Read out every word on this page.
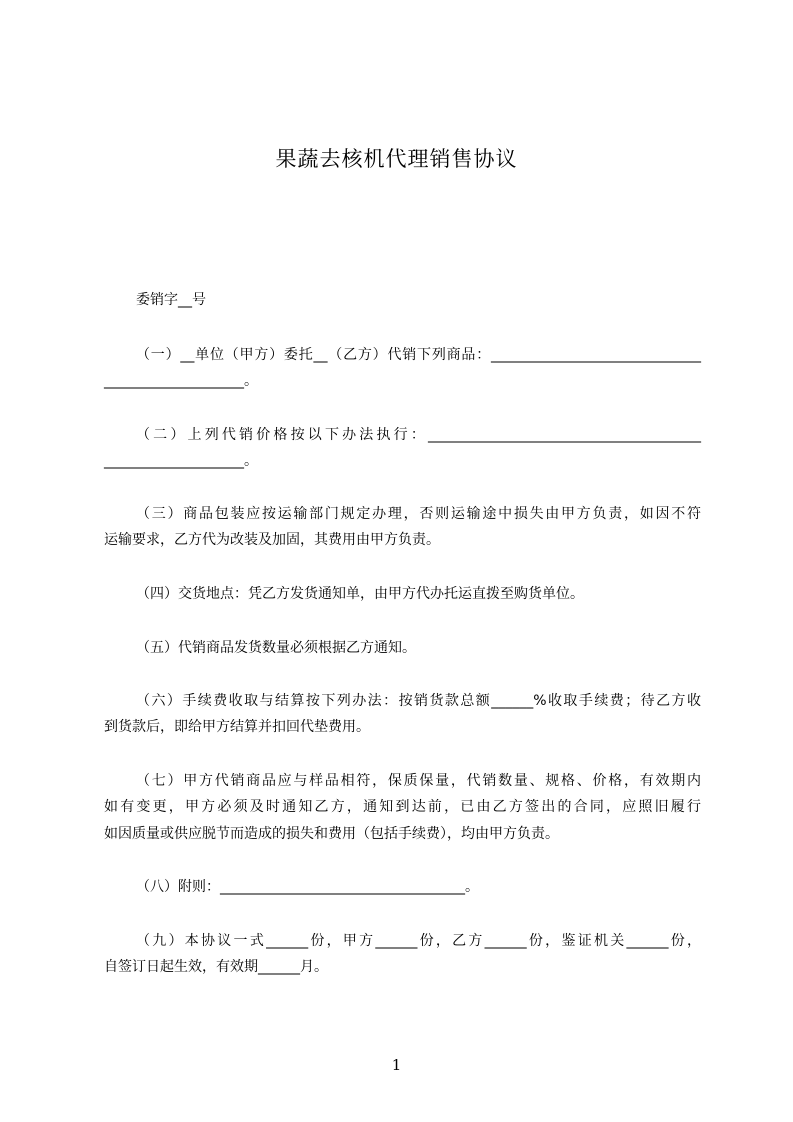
果蔬去核机代理销售协议
委销字__号
（一）__单位（甲方）委托__（乙方）代销下列商品：______________________________
____________________。
（二）上列代销价格按以下办法执行：_______________________________________
____________________。
（三）商品包装应按运输部门规定办理，否则运输途中损失由甲方负责，如因不符
运输要求，乙方代为改装及加固，其费用由甲方负责。
（四）交货地点：凭乙方发货通知单，由甲方代办托运直拨至购货单位。
（五）代销商品发货数量必须根据乙方通知。
（六）手续费收取与结算按下列办法：按销货款总额______%收取手续费；待乙方收
到货款后，即给甲方结算并扣回代垫费用。
（七）甲方代销商品应与样品相符，保质保量，代销数量、规格、价格，有效期内
如有变更，甲方必须及时通知乙方，通知到达前，已由乙方签出的合同，应照旧履行
如因质量或供应脱节而造成的损失和费用（包括手续费），均由甲方负责。
（八）附则：___________________________________。
（九）本协议一式______份，甲方______份，乙方______份，鉴证机关______份，
自签订日起生效，有效期______月。
1
